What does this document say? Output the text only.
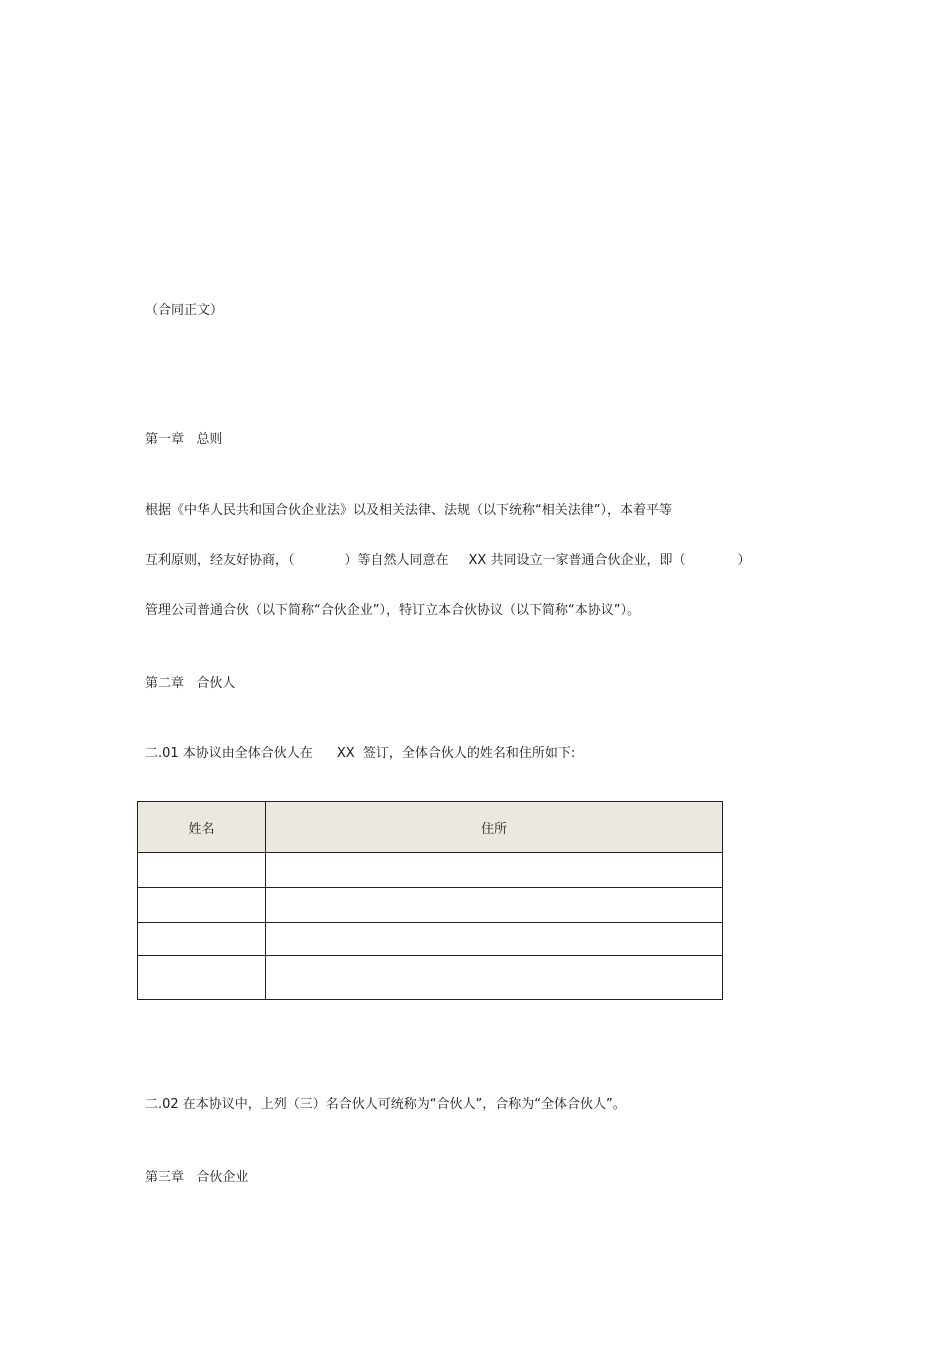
（合同正文）
第一章   总则
根据《中华人民共和国合伙企业法》以及相关法律、法规（以下统称“相关法律”），本着平等
互利原则，经友好协商，（	）等自然人同意在 XX 共同设立一家普通合伙企业，即（	）
管理公司普通合伙（以下简称“合伙企业”），特订立本合伙协议（以下简称“本协议”）。
第二章   合伙人
二.01 本协议由全体合伙人在 XX  签订，全体合伙人的姓名和住所如下:
姓名	住所

二.02 在本协议中，上列（三）名合伙人可统称为“合伙人”，合称为“全体合伙人”。
第三章   合伙企业
